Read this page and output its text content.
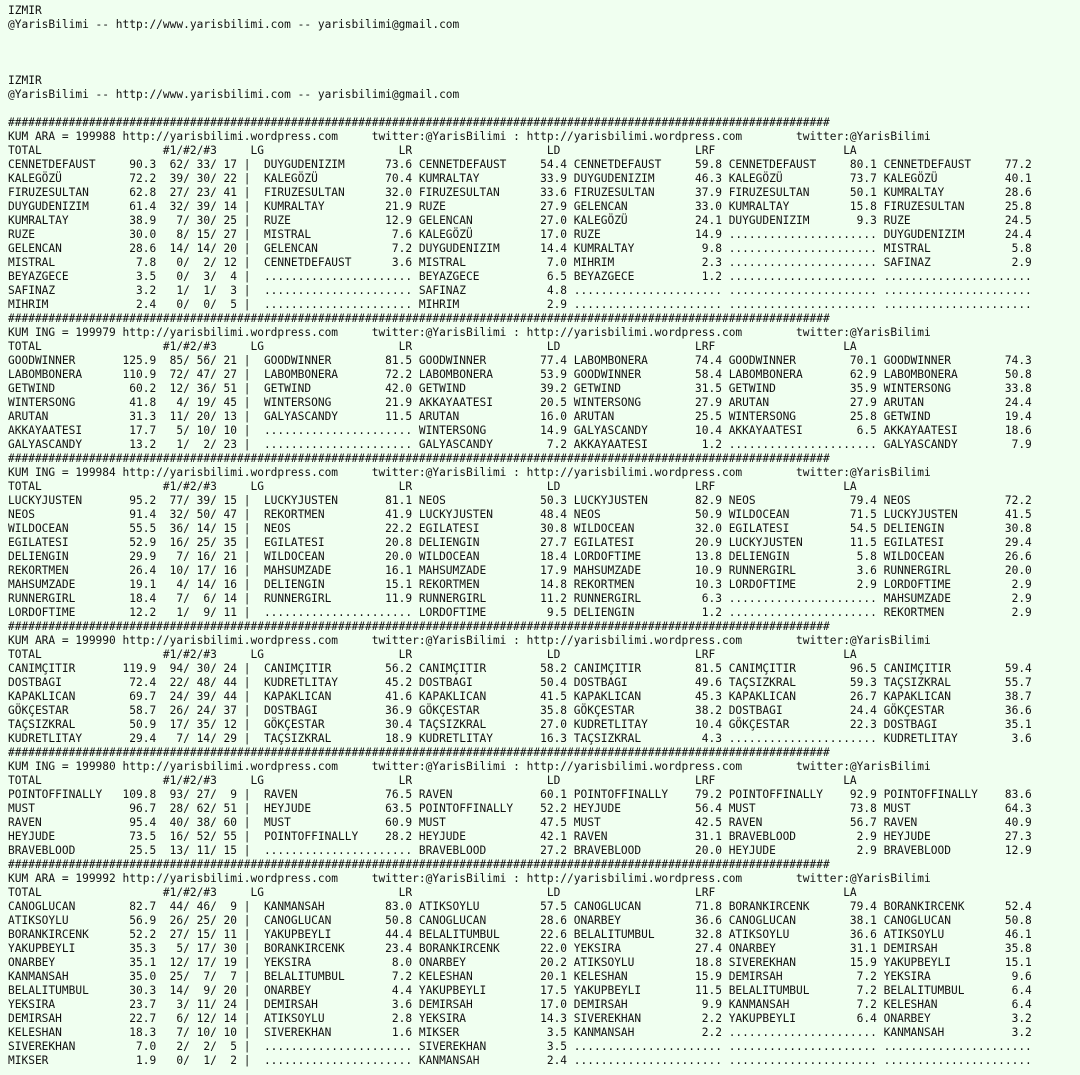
IZMIR
@YarisBilimi -- http://www.yarisbilimi.com -- yarisbilimi@gmail.com

IZMIR
@YarisBilimi -- http://www.yarisbilimi.com -- yarisbilimi@gmail.com

##########################################################################################################################
KUM ARA = 199988 http://yarisbilimi.wordpress.com     twitter:@YarisBilimi : http://yarisbilimi.wordpress.com        twitter:@YarisBilimi
TOTAL                  #1/#2/#3     LG                    LR                    LD                    LRF                   LA
CENNETDEFAUST     90.3  62/ 33/ 17 |  DUYGUDENIZIM      73.6 CENNETDEFAUST     54.4 CENNETDEFAUST     59.8 CENNETDEFAUST     80.1 CENNETDEFAUST     77.2
KALEGÖZÜ          72.2  39/ 30/ 22 |  KALEGÖZÜ          70.4 KUMRALTAY         33.9 DUYGUDENIZIM      46.3 KALEGÖZÜ          73.7 KALEGÖZÜ          40.1
FIRUZESULTAN      62.8  27/ 23/ 41 |  FIRUZESULTAN      32.0 FIRUZESULTAN      33.6 FIRUZESULTAN      37.9 FIRUZESULTAN      50.1 KUMRALTAY         28.6
DUYGUDENIZIM      61.4  32/ 39/ 14 |  KUMRALTAY         21.9 RUZE              27.9 GELENCAN          33.0 KUMRALTAY         15.8 FIRUZESULTAN      25.8
KUMRALTAY         38.9   7/ 30/ 25 |  RUZE              12.9 GELENCAN          27.0 KALEGÖZÜ          24.1 DUYGUDENIZIM       9.3 RUZE              24.5
RUZE              30.0   8/ 15/ 27 |  MISTRAL            7.6 KALEGÖZÜ          17.0 RUZE              14.9 ...................... DUYGUDENIZIM      24.4
GELENCAN          28.6  14/ 14/ 20 |  GELENCAN           7.2 DUYGUDENIZIM      14.4 KUMRALTAY          9.8 ...................... MISTRAL            5.8
MISTRAL            7.8   0/  2/ 12 |  CENNETDEFAUST      3.6 MISTRAL            7.0 MIHRIM             2.3 ...................... SAFINAZ            2.9
BEYAZGECE          3.5   0/  3/  4 |  ...................... BEYAZGECE          6.5 BEYAZGECE          1.2 ...................... ......................
SAFINAZ            3.2   1/  1/  3 |  ...................... SAFINAZ            4.8 ...................... ...................... ......................
MIHRIM             2.4   0/  0/  5 |  ...................... MIHRIM             2.9 ...................... ...................... ......................
##########################################################################################################################
KUM ING = 199979 http://yarisbilimi.wordpress.com     twitter:@YarisBilimi : http://yarisbilimi.wordpress.com        twitter:@YarisBilimi
TOTAL                  #1/#2/#3     LG                    LR                    LD                    LRF                   LA
GOODWINNER       125.9  85/ 56/ 21 |  GOODWINNER        81.5 GOODWINNER        77.4 LABOMBONERA       74.4 GOODWINNER        70.1 GOODWINNER        74.3
LABOMBONERA      110.9  72/ 47/ 27 |  LABOMBONERA       72.2 LABOMBONERA       53.9 GOODWINNER        58.4 LABOMBONERA       62.9 LABOMBONERA       50.8
GETWIND           60.2  12/ 36/ 51 |  GETWIND           42.0 GETWIND           39.2 GETWIND           31.5 GETWIND           35.9 WINTERSONG        33.8
WINTERSONG        41.8   4/ 19/ 45 |  WINTERSONG        21.9 AKKAYAATESI       20.5 WINTERSONG        27.9 ARUTAN            27.9 ARUTAN            24.4
ARUTAN            31.3  11/ 20/ 13 |  GALYASCANDY       11.5 ARUTAN            16.0 ARUTAN            25.5 WINTERSONG        25.8 GETWIND           19.4
AKKAYAATESI       17.7   5/ 10/ 10 |  ...................... WINTERSONG        14.9 GALYASCANDY       10.4 AKKAYAATESI        6.5 AKKAYAATESI       18.6
GALYASCANDY       13.2   1/  2/ 23 |  ...................... GALYASCANDY        7.2 AKKAYAATESI        1.2 ...................... GALYASCANDY        7.9
##########################################################################################################################
KUM ING = 199984 http://yarisbilimi.wordpress.com     twitter:@YarisBilimi : http://yarisbilimi.wordpress.com        twitter:@YarisBilimi
TOTAL                  #1/#2/#3     LG                    LR                    LD                    LRF                   LA
LUCKYJUSTEN       95.2  77/ 39/ 15 |  LUCKYJUSTEN       81.1 NEOS              50.3 LUCKYJUSTEN       82.9 NEOS              79.4 NEOS              72.2
NEOS              91.4  32/ 50/ 47 |  REKORTMEN         41.9 LUCKYJUSTEN       48.4 NEOS              50.9 WILDOCEAN         71.5 LUCKYJUSTEN       41.5
WILDOCEAN         55.5  36/ 14/ 15 |  NEOS              22.2 EGILATESI         30.8 WILDOCEAN         32.0 EGILATESI         54.5 DELIENGIN         30.8
EGILATESI         52.9  16/ 25/ 35 |  EGILATESI         20.8 DELIENGIN         27.7 EGILATESI         20.9 LUCKYJUSTEN       11.5 EGILATESI         29.4
DELIENGIN         29.9   7/ 16/ 21 |  WILDOCEAN         20.0 WILDOCEAN         18.4 LORDOFTIME        13.8 DELIENGIN          5.8 WILDOCEAN         26.6
REKORTMEN         26.4  10/ 17/ 16 |  MAHSUMZADE        16.1 MAHSUMZADE        17.9 MAHSUMZADE        10.9 RUNNERGIRL         3.6 RUNNERGIRL        20.0
MAHSUMZADE        19.1   4/ 14/ 16 |  DELIENGIN         15.1 REKORTMEN         14.8 REKORTMEN         10.3 LORDOFTIME         2.9 LORDOFTIME         2.9
RUNNERGIRL        18.4   7/  6/ 14 |  RUNNERGIRL        11.9 RUNNERGIRL        11.2 RUNNERGIRL         6.3 ...................... MAHSUMZADE         2.9
LORDOFTIME        12.2   1/  9/ 11 |  ...................... LORDOFTIME         9.5 DELIENGIN          1.2 ...................... REKORTMEN          2.9
##########################################################################################################################
KUM ARA = 199990 http://yarisbilimi.wordpress.com     twitter:@YarisBilimi : http://yarisbilimi.wordpress.com        twitter:@YarisBilimi
TOTAL                  #1/#2/#3     LG                    LR                    LD                    LRF                   LA
CANIMÇITIR       119.9  94/ 30/ 24 |  CANIMÇITIR        56.2 CANIMÇITIR        58.2 CANIMÇITIR        81.5 CANIMÇITIR        96.5 CANIMÇITIR        59.4
DOSTBAGI          72.4  22/ 48/ 44 |  KUDRETLITAY       45.2 DOSTBAGI          50.4 DOSTBAGI          49.6 TAÇSIZKRAL        59.3 TAÇSIZKRAL        55.7
KAPAKLICAN        69.7  24/ 39/ 44 |  KAPAKLICAN        41.6 KAPAKLICAN        41.5 KAPAKLICAN        45.3 KAPAKLICAN        26.7 KAPAKLICAN        38.7
GÖKÇESTAR         58.7  26/ 24/ 37 |  DOSTBAGI          36.9 GÖKÇESTAR         35.8 GÖKÇESTAR         38.2 DOSTBAGI          24.4 GÖKÇESTAR         36.6
TAÇSIZKRAL        50.9  17/ 35/ 12 |  GÖKÇESTAR         30.4 TAÇSIZKRAL        27.0 KUDRETLITAY       10.4 GÖKÇESTAR         22.3 DOSTBAGI          35.1
KUDRETLITAY       29.4   7/ 14/ 29 |  TAÇSIZKRAL        18.9 KUDRETLITAY       16.3 TAÇSIZKRAL         4.3 ...................... KUDRETLITAY        3.6
##########################################################################################################################
KUM ING = 199980 http://yarisbilimi.wordpress.com     twitter:@YarisBilimi : http://yarisbilimi.wordpress.com        twitter:@YarisBilimi
TOTAL                  #1/#2/#3     LG                    LR                    LD                    LRF                   LA
POINTOFFINALLY   109.8  93/ 27/  9 |  RAVEN             76.5 RAVEN             60.1 POINTOFFINALLY    79.2 POINTOFFINALLY    92.9 POINTOFFINALLY    83.6
MUST              96.7  28/ 62/ 51 |  HEYJUDE           63.5 POINTOFFINALLY    52.2 HEYJUDE           56.4 MUST              73.8 MUST              64.3
RAVEN             95.4  40/ 38/ 60 |  MUST              60.9 MUST              47.5 MUST              42.5 RAVEN             56.7 RAVEN             40.9
HEYJUDE           73.5  16/ 52/ 55 |  POINTOFFINALLY    28.2 HEYJUDE           42.1 RAVEN             31.1 BRAVEBLOOD         2.9 HEYJUDE           27.3
BRAVEBLOOD        25.5  13/ 11/ 15 |  ...................... BRAVEBLOOD        27.2 BRAVEBLOOD        20.0 HEYJUDE            2.9 BRAVEBLOOD        12.9
##########################################################################################################################
KUM ARA = 199992 http://yarisbilimi.wordpress.com     twitter:@YarisBilimi : http://yarisbilimi.wordpress.com        twitter:@YarisBilimi
TOTAL                  #1/#2/#3     LG                    LR                    LD                    LRF                   LA
CANOGLUCAN        82.7  44/ 46/  9 |  KANMANSAH         83.0 ATIKSOYLU         57.5 CANOGLUCAN        71.8 BORANKIRCENK      79.4 BORANKIRCENK      52.4
ATIKSOYLU         56.9  26/ 25/ 20 |  CANOGLUCAN        50.8 CANOGLUCAN        28.6 ONARBEY           36.6 CANOGLUCAN        38.1 CANOGLUCAN        50.8
BORANKIRCENK      52.2  27/ 15/ 11 |  YAKUPBEYLI        44.4 BELALITUMBUL      22.6 BELALITUMBUL      32.8 ATIKSOYLU         36.6 ATIKSOYLU         46.1
YAKUPBEYLI        35.3   5/ 17/ 30 |  BORANKIRCENK      23.4 BORANKIRCENK      22.0 YEKSIRA           27.4 ONARBEY           31.1 DEMIRSAH          35.8
ONARBEY           35.1  12/ 17/ 19 |  YEKSIRA            8.0 ONARBEY           20.2 ATIKSOYLU         18.8 SIVEREKHAN        15.9 YAKUPBEYLI        15.1
KANMANSAH         35.0  25/  7/  7 |  BELALITUMBUL       7.2 KELESHAN          20.1 KELESHAN          15.9 DEMIRSAH           7.2 YEKSIRA            9.6
BELALITUMBUL      30.3  14/  9/ 20 |  ONARBEY            4.4 YAKUPBEYLI        17.5 YAKUPBEYLI        11.5 BELALITUMBUL       7.2 BELALITUMBUL       6.4
YEKSIRA           23.7   3/ 11/ 24 |  DEMIRSAH           3.6 DEMIRSAH          17.0 DEMIRSAH           9.9 KANMANSAH          7.2 KELESHAN           6.4
DEMIRSAH          22.7   6/ 12/ 14 |  ATIKSOYLU          2.8 YEKSIRA           14.3 SIVEREKHAN         2.2 YAKUPBEYLI         6.4 ONARBEY            3.2
KELESHAN          18.3   7/ 10/ 10 |  SIVEREKHAN         1.6 MIKSER             3.5 KANMANSAH          2.2 ...................... KANMANSAH          3.2
SIVEREKHAN         7.0   2/  2/  5 |  ...................... SIVEREKHAN         3.5 ...................... ...................... ......................
MIKSER             1.9   0/  1/  2 |  ...................... KANMANSAH          2.4 ...................... ...................... ......................
